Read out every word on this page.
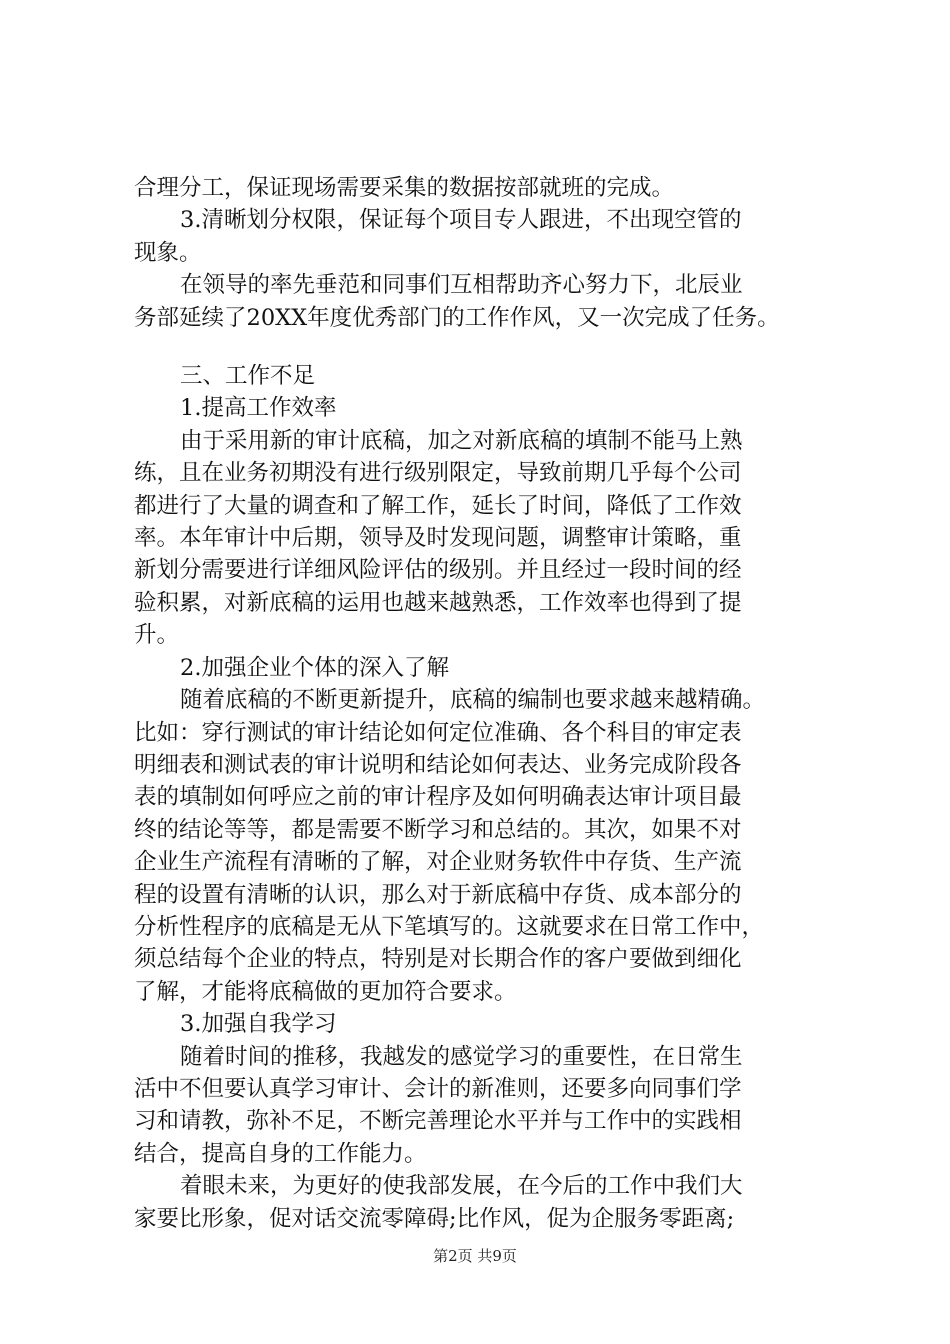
合理分工，保证现场需要采集的数据按部就班的完成。

3.清晰划分权限，保证每个项目专人跟进，不出现空管的

现象。

在领导的率先垂范和同事们互相帮助齐心努力下，北辰业

务部延续了20XX年度优秀部门的工作作风，又一次完成了任务。

三、工作不足

1.提高工作效率

由于采用新的审计底稿，加之对新底稿的填制不能马上熟

练，且在业务初期没有进行级别限定，导致前期几乎每个公司

都进行了大量的调查和了解工作，延长了时间，降低了工作效

率。本年审计中后期，领导及时发现问题，调整审计策略，重

新划分需要进行详细风险评估的级别。并且经过一段时间的经

验积累，对新底稿的运用也越来越熟悉，工作效率也得到了提

升。

2.加强企业个体的深入了解

随着底稿的不断更新提升，底稿的编制也要求越来越精确。

比如：穿行测试的审计结论如何定位准确、各个科目的审定表

明细表和测试表的审计说明和结论如何表达、业务完成阶段各

表的填制如何呼应之前的审计程序及如何明确表达审计项目最

终的结论等等，都是需要不断学习和总结的。其次，如果不对

企业生产流程有清晰的了解，对企业财务软件中存货、生产流

程的设置有清晰的认识，那么对于新底稿中存货、成本部分的

分析性程序的底稿是无从下笔填写的。这就要求在日常工作中，

须总结每个企业的特点，特别是对长期合作的客户要做到细化

了解，才能将底稿做的更加符合要求。

3.加强自我学习

随着时间的推移，我越发的感觉学习的重要性，在日常生

活中不但要认真学习审计、会计的新准则，还要多向同事们学

习和请教，弥补不足，不断完善理论水平并与工作中的实践相

结合，提高自身的工作能力。

着眼未来，为更好的使我部发展，在今后的工作中我们大

家要比形象，促对话交流零障碍;比作风，促为企服务零距离;

第2页 共9页
